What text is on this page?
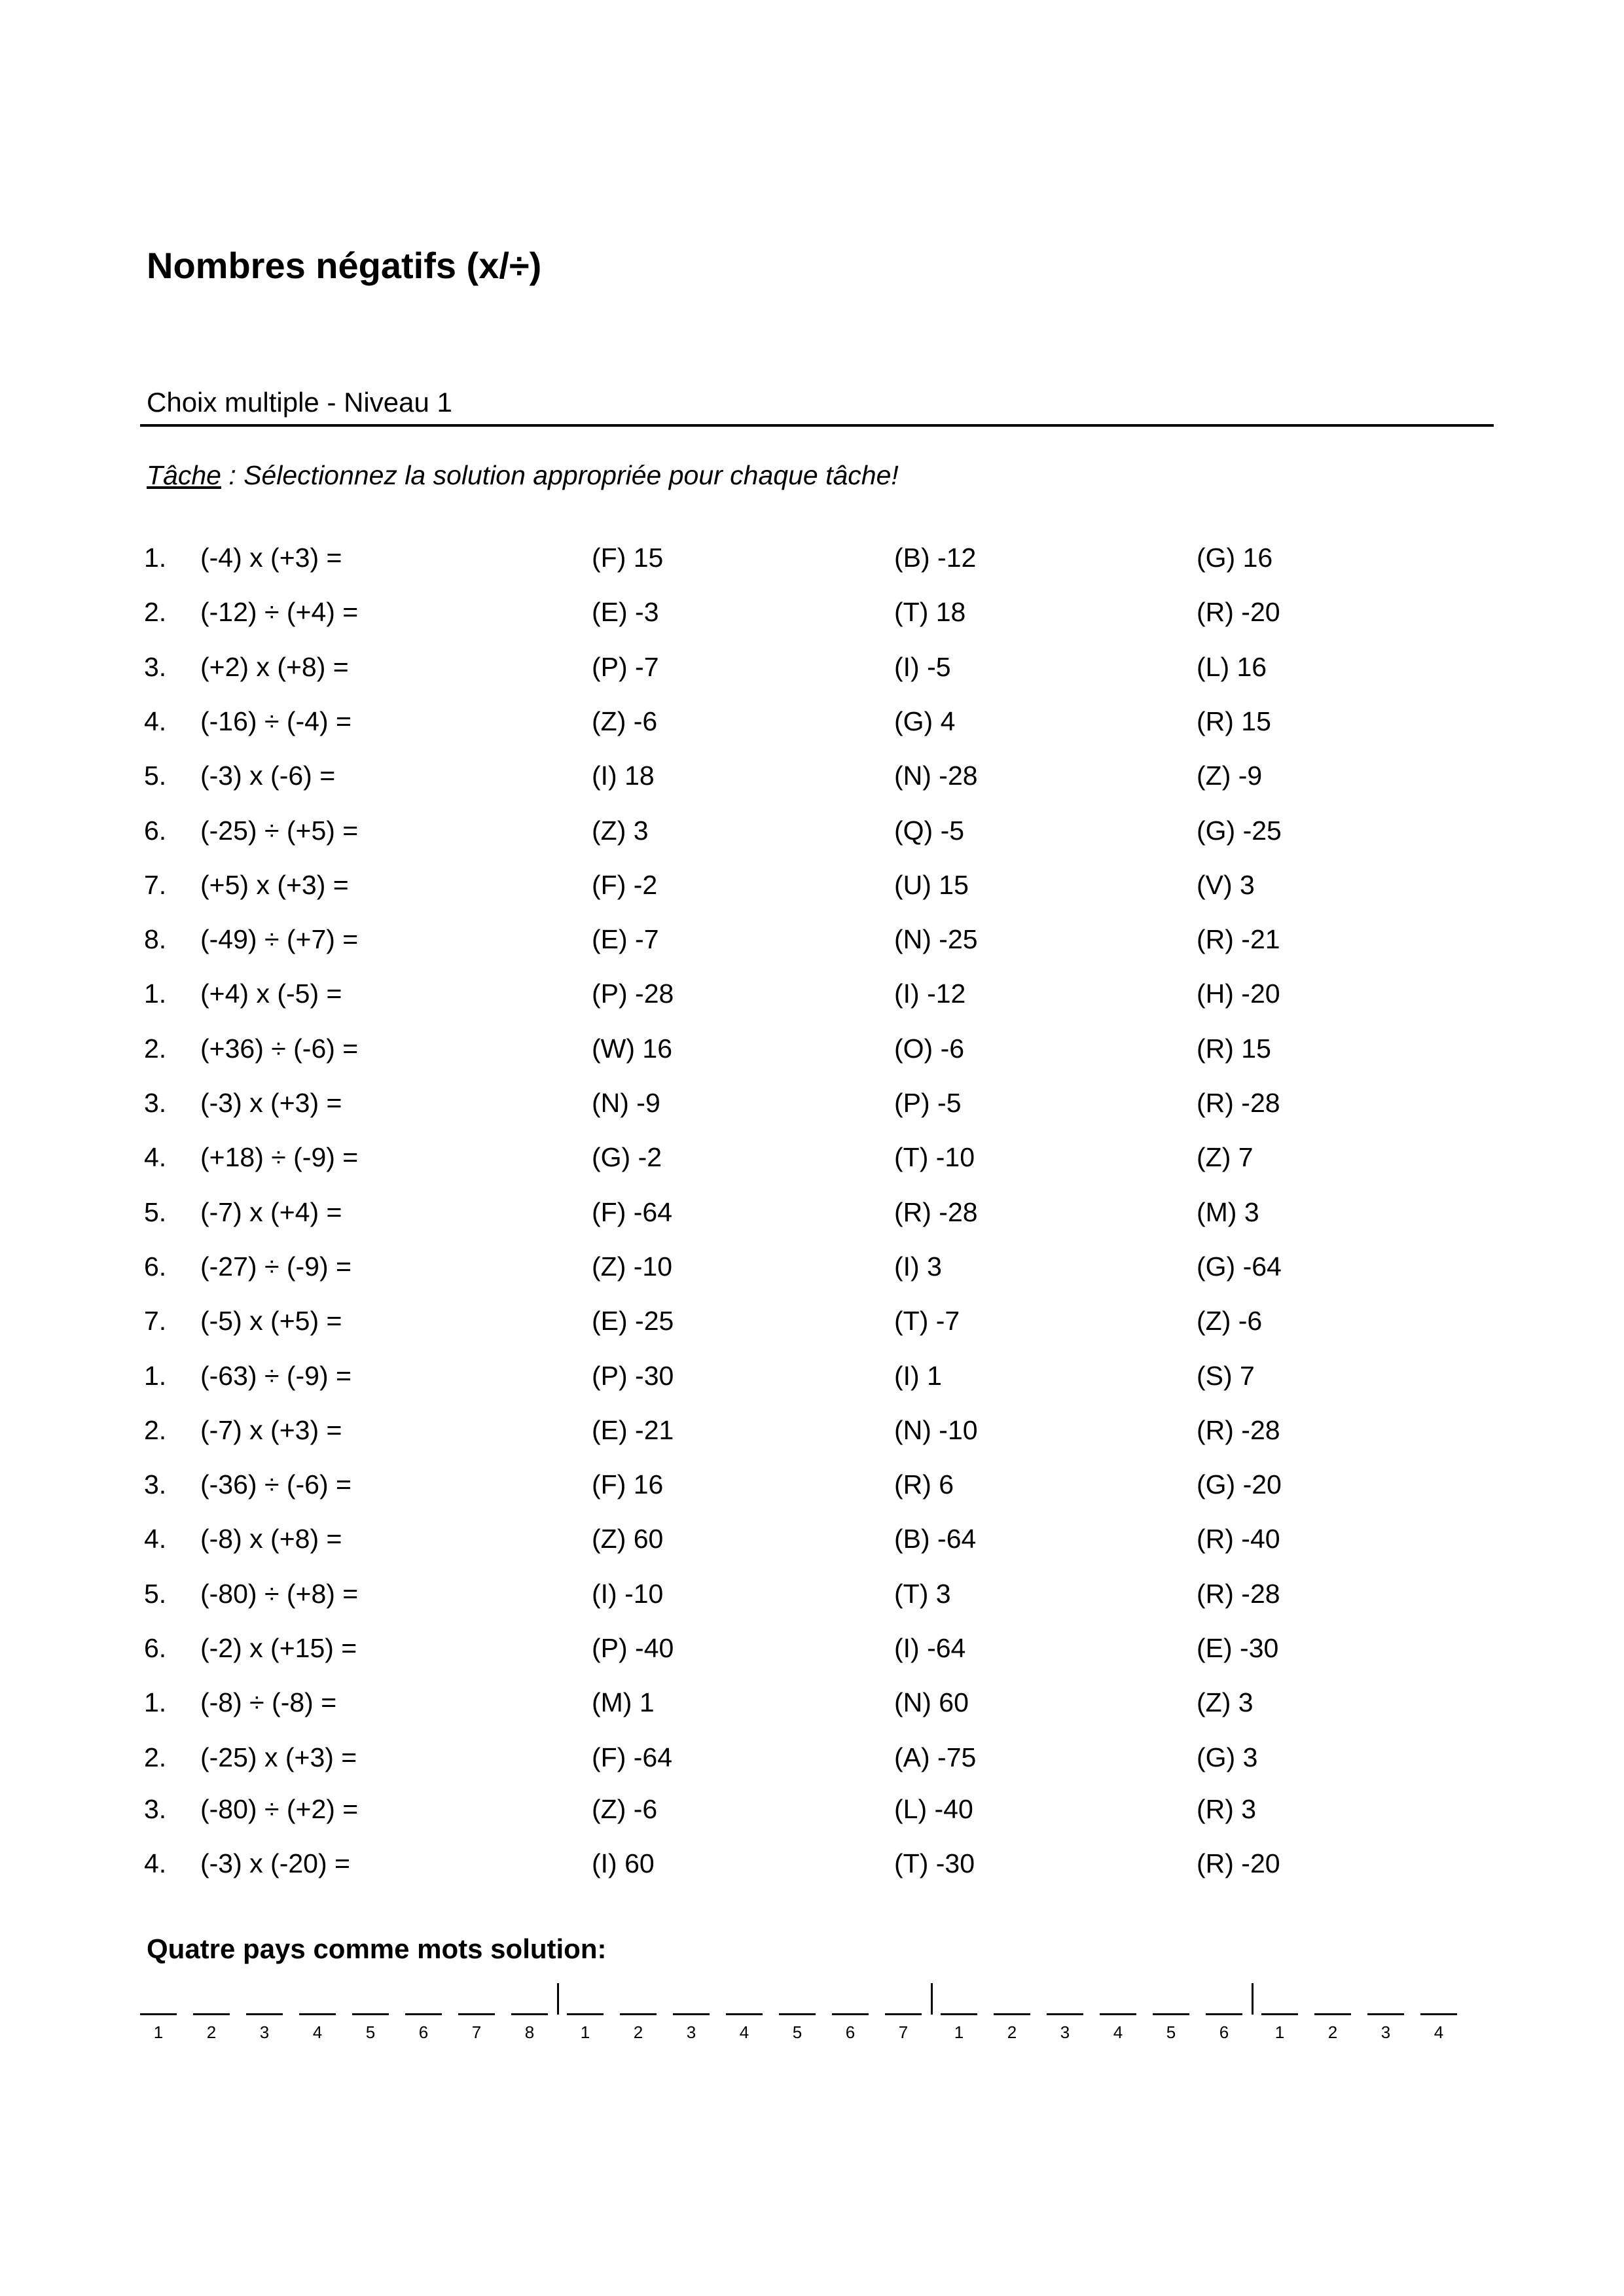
Nombres négatifs (x/÷)
Choix multiple - Niveau 1
Tâche : Sélectionnez la solution appropriée pour chaque tâche!
1. (-4) x (+3) =	(F) 15	(B) -12	(G) 16
2. (-12) ÷ (+4) =	(E) -3	(T) 18	(R) -20
3. (+2) x (+8) =	(P) -7	(I) -5	(L) 16
4. (-16) ÷ (-4) =	(Z) -6	(G) 4	(R) 15
5. (-3) x (-6) =	(I) 18	(N) -28	(Z) -9
6. (-25) ÷ (+5) =	(Z) 3	(Q) -5	(G) -25
7. (+5) x (+3) =	(F) -2	(U) 15	(V) 3
8. (-49) ÷ (+7) =	(E) -7	(N) -25	(R) -21
1. (+4) x (-5) =	(P) -28	(I) -12	(H) -20
2. (+36) ÷ (-6) =	(W) 16	(O) -6	(R) 15
3. (-3) x (+3) =	(N) -9	(P) -5	(R) -28
4. (+18) ÷ (-9) =	(G) -2	(T) -10	(Z) 7
5. (-7) x (+4) =	(F) -64	(R) -28	(M) 3
6. (-27) ÷ (-9) =	(Z) -10	(I) 3	(G) -64
7. (-5) x (+5) =	(E) -25	(T) -7	(Z) -6
1. (-63) ÷ (-9) =	(P) -30	(I) 1	(S) 7
2. (-7) x (+3) =	(E) -21	(N) -10	(R) -28
3. (-36) ÷ (-6) =	(F) 16	(R) 6	(G) -20
4. (-8) x (+8) =	(Z) 60	(B) -64	(R) -40
5. (-80) ÷ (+8) =	(I) -10	(T) 3	(R) -28
6. (-2) x (+15) =	(P) -40	(I) -64	(E) -30
1. (-8) ÷ (-8) =	(M) 1	(N) 60	(Z) 3
2. (-25) x (+3) =	(F) -64	(A) -75	(G) 3
3. (-80) ÷ (+2) =	(Z) -6	(L) -40	(R) 3
4. (-3) x (-20) =	(I) 60	(T) -30	(R) -20
Quatre pays comme mots solution:
1	2	3	4	5	6	7	8	1	2	3	4	5	6	7	1	2	3	4	5	6	1	2	3	4
